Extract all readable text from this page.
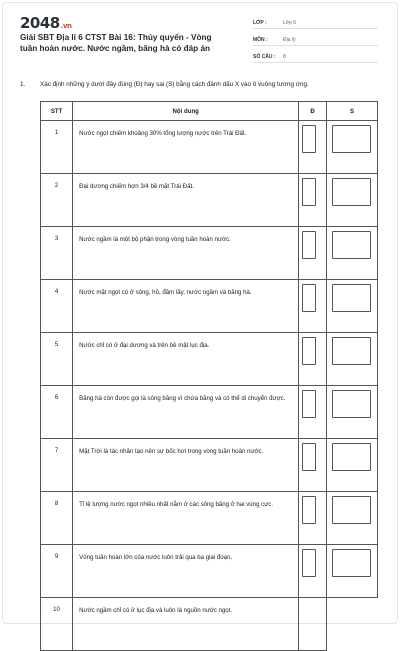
2048.vn
Giải SBT Địa lí 6 CTST Bài 16: Thủy quyển - Vòng tuần hoàn nước. Nước ngầm, băng hà có đáp án
LỚP :	Lớp 6
MÔN :	Địa lý
SỐ CÂU :	8
1.	Xác định những ý dưới đây đúng (Đ) hay sai (S) bằng cách đánh dấu X vào ô vuông tương ứng.
STT	Nội dung	Đ	S
1	Nước ngọt chiếm khoảng 30% tổng lượng nước trên Trái Đất.	

2	Đại dương chiếm hơn 3/4 bề mặt Trái Đất.	

3	Nước ngầm là một bộ phận trong vòng tuần hoàn nước.	

4	Nước mặt ngọt có ở sông, hồ, đầm lầy, nước ngầm và băng hà.	

5	Nước chỉ có ở đại dương và trên bề mặt lục địa.	

6	Băng hà còn được gọi là sông băng vì chứa băng và có thể di chuyển được.	

7	Mặt Trời là tác nhân tạo nên sự bốc hơi trong vòng tuần hoàn nước.	

8	Tỉ lệ lượng nước ngọt nhiều nhất nằm ở các sông băng ở hai vùng cực.	

9	Vòng tuần hoàn lớn của nước luôn trải qua ba giai đoạn.	

10	Nước ngầm chỉ có ở lục địa và luôn là nguồn nước ngọt.		
